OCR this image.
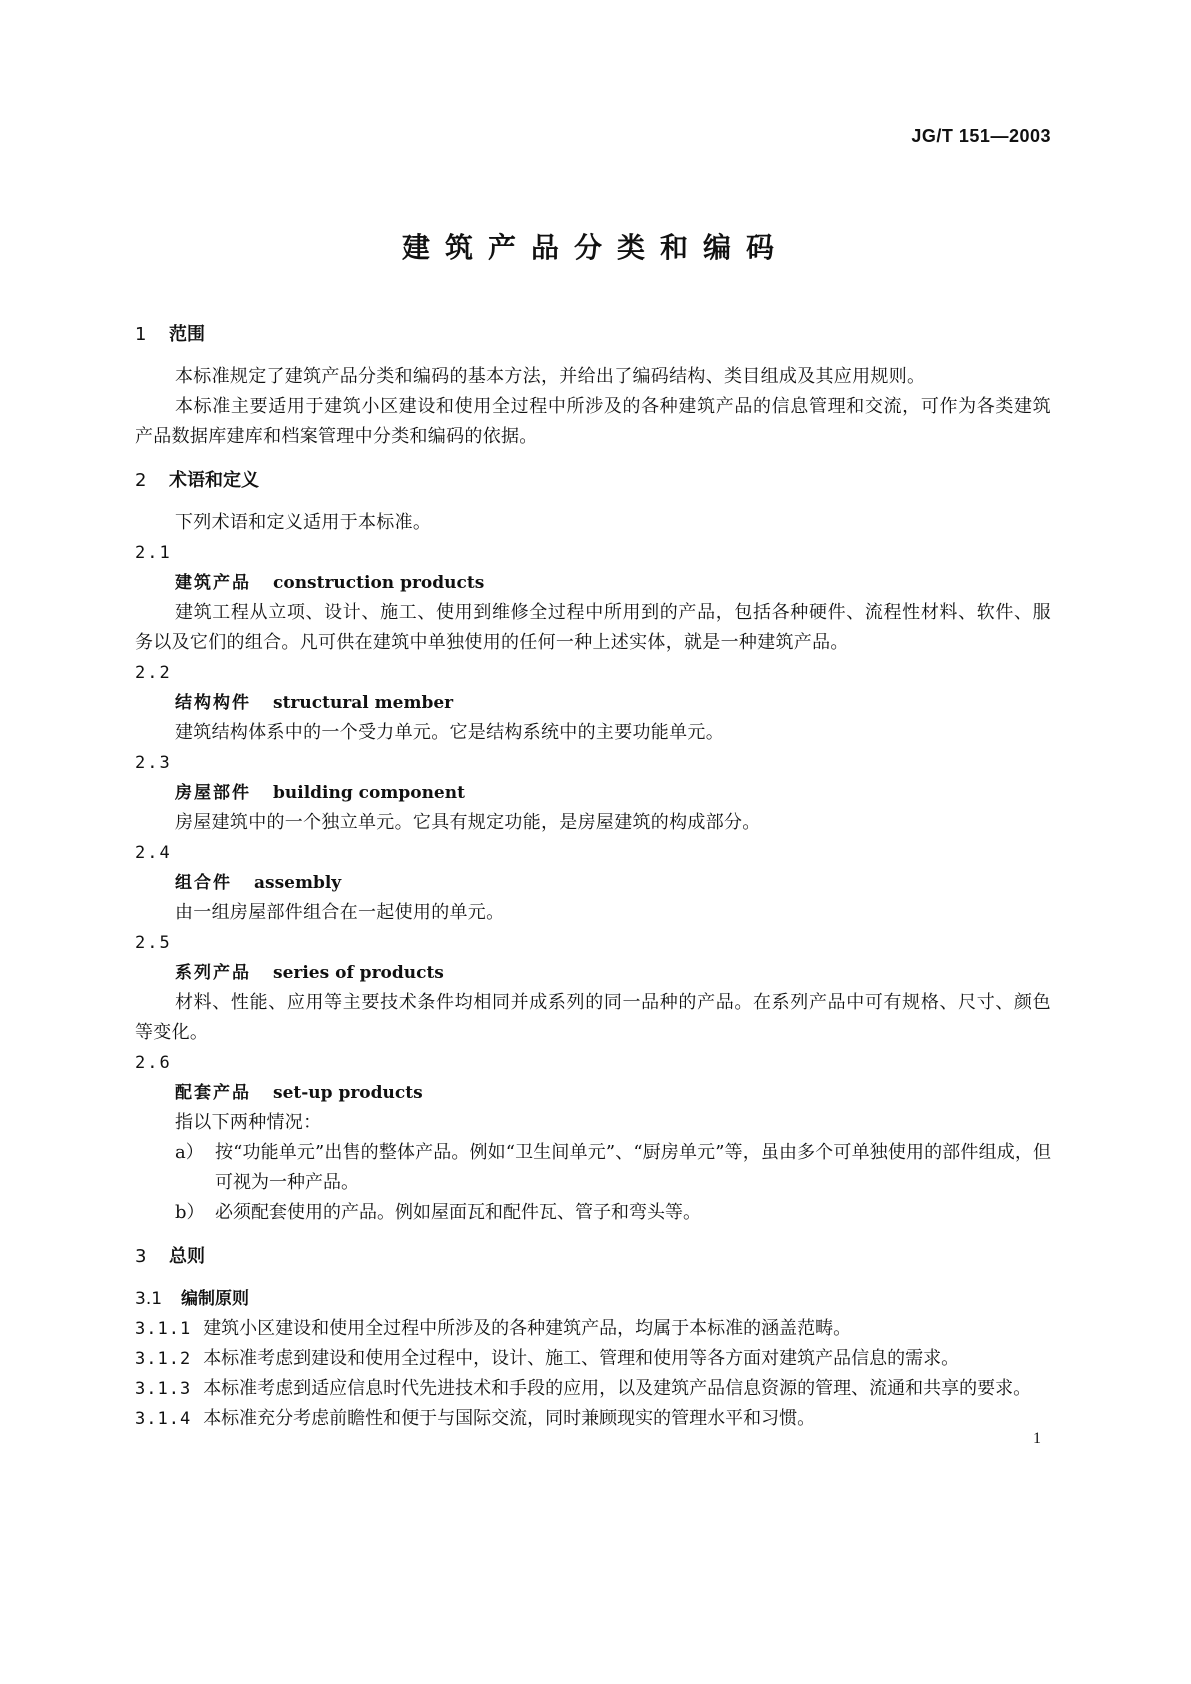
JG/T 151—2003
建筑产品分类和编码
1 范围

本标准规定了建筑产品分类和编码的基本方法，并给出了编码结构、类目组成及其应用规则。

本标准主要适用于建筑小区建设和使用全过程中所涉及的各种建筑产品的信息管理和交流，可作为各类建筑产品数据库建库和档案管理中分类和编码的依据。

2 术语和定义

下列术语和定义适用于本标准。

2.1
建筑产品 construction products

建筑工程从立项、设计、施工、使用到维修全过程中所用到的产品，包括各种硬件、流程性材料、软件、服务以及它们的组合。凡可供在建筑中单独使用的任何一种上述实体，就是一种建筑产品。

2.2
结构构件 structural member

建筑结构体系中的一个受力单元。它是结构系统中的主要功能单元。

2.3
房屋部件 building component

房屋建筑中的一个独立单元。它具有规定功能，是房屋建筑的构成部分。

2.4
组合件 assembly

由一组房屋部件组合在一起使用的单元。

2.5
系列产品 series of products

材料、性能、应用等主要技术条件均相同并成系列的同一品种的产品。在系列产品中可有规格、尺寸、颜色等变化。

2.6
配套产品 set-up products

指以下两种情况：

a） 按“功能单元”出售的整体产品。例如“卫生间单元”、“厨房单元”等，虽由多个可单独使用的部件组成，但可视为一种产品。
b） 必须配套使用的产品。例如屋面瓦和配件瓦、管子和弯头等。
3 总则
3.1 编制原则
3.1.1 建筑小区建设和使用全过程中所涉及的各种建筑产品，均属于本标准的涵盖范畴。
3.1.2 本标准考虑到建设和使用全过程中，设计、施工、管理和使用等各方面对建筑产品信息的需求。
3.1.3 本标准考虑到适应信息时代先进技术和手段的应用，以及建筑产品信息资源的管理、流通和共享的要求。
3.1.4 本标准充分考虑前瞻性和便于与国际交流，同时兼顾现实的管理水平和习惯。
1
